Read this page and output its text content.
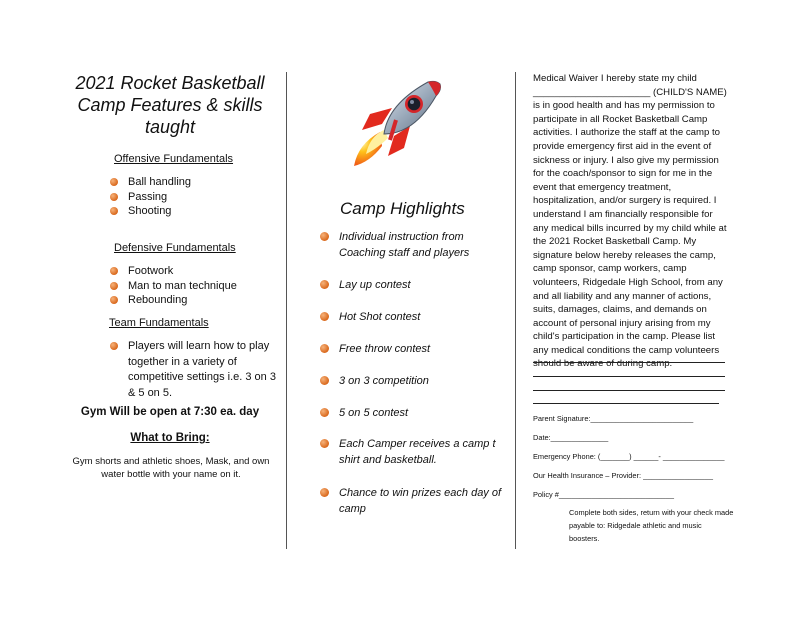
2021 Rocket Basketball Camp Features & skills taught
Offensive Fundamentals
Ball handling
Passing
Shooting
Defensive Fundamentals
Footwork
Man to man technique
Rebounding
Team Fundamentals
Players will learn how to play together in a variety of competitive settings i.e. 3 on 3 & 5 on 5.
Gym Will be open at 7:30 ea. day
What to Bring:
Gym shorts and athletic shoes, Mask, and own water bottle with your name on it.
Camp Highlights
Individual instruction from Coaching staff and players
Lay up contest
Hot Shot contest
Free throw contest
3 on 3 competition
5 on 5 contest
Each Camper receives a camp t shirt and basketball.
Chance to win prizes each day of camp
Medical Waiver I hereby state my child ______________________ (CHILD'S NAME) is in good health and has my permission to participate in all Rocket Basketball Camp activities. I authorize the staff at the camp to provide emergency first aid in the event of sickness or injury. I also give my permission for the coach/sponsor to sign for me in the event that emergency treatment, hospitalization, and/or surgery is required. I understand I am financially responsible for any medical bills incurred by my child while at the 2021 Rocket Basketball Camp. My signature below hereby releases the camp, camp sponsor, camp workers, camp volunteers, Ridgedale High School, from any and all liability and any manner of actions, suits, damages, claims, and demands on account of personal injury arising from my child's participation in the camp. Please list any medical conditions the camp volunteers should be aware of during camp.
Parent Signature:_________________________
Date:______________
Emergency Phone: (_______) ______- _______________
Our Health Insurance – Provider: _________________
Policy #____________________________
Complete both sides, return with your check made payable to: Ridgedale athletic and music boosters.
